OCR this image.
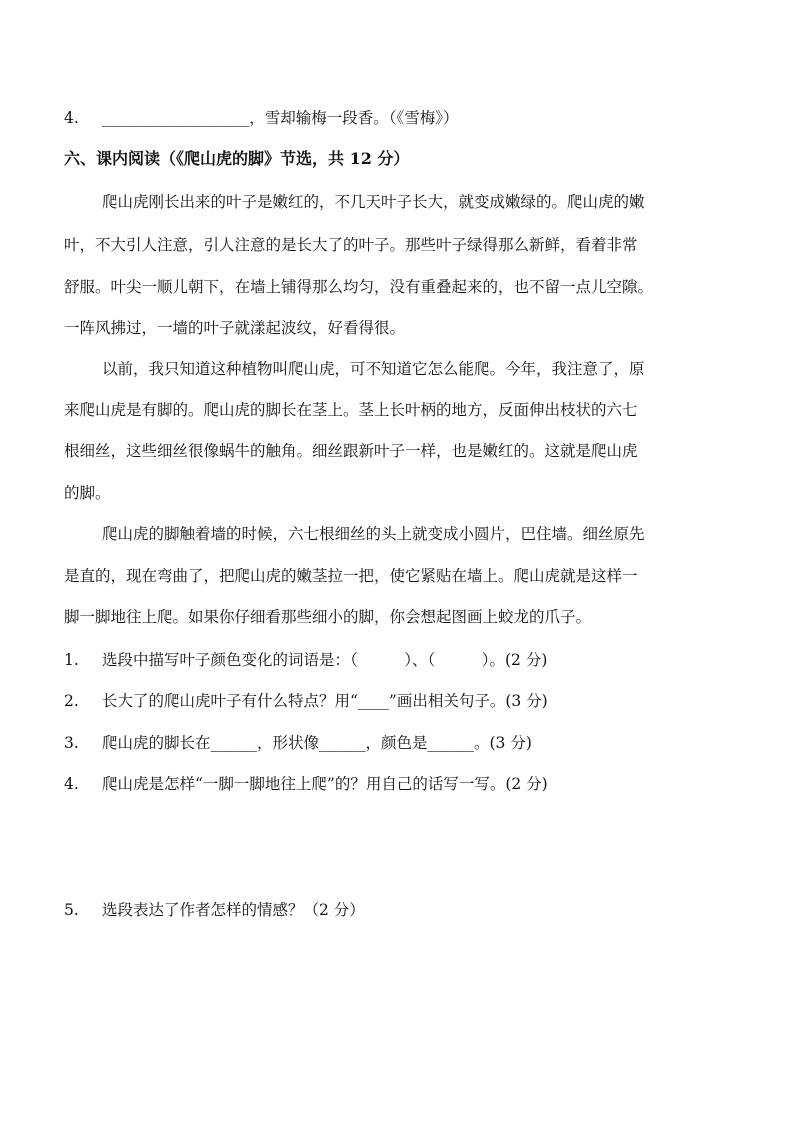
4. ___________________，雪却输梅一段香。（《雪梅》）
六、课内阅读（《爬山虎的脚》节选，共 12 分）
爬山虎刚长出来的叶子是嫩红的，不几天叶子长大，就变成嫩绿的。爬山虎的嫩
叶，不大引人注意，引人注意的是长大了的叶子。那些叶子绿得那么新鲜，看着非常
舒服。叶尖一顺儿朝下，在墙上铺得那么均匀，没有重叠起来的，也不留一点儿空隙。
一阵风拂过，一墙的叶子就漾起波纹，好看得很。
以前，我只知道这种植物叫爬山虎，可不知道它怎么能爬。今年，我注意了，原
来爬山虎是有脚的。爬山虎的脚长在茎上。茎上长叶柄的地方，反面伸出枝状的六七
根细丝，这些细丝很像蜗牛的触角。细丝跟新叶子一样，也是嫩红的。这就是爬山虎
的脚。
爬山虎的脚触着墙的时候，六七根细丝的头上就变成小圆片，巴住墙。细丝原先
是直的，现在弯曲了，把爬山虎的嫩茎拉一把，使它紧贴在墙上。爬山虎就是这样一
脚一脚地往上爬。如果你仔细看那些细小的脚，你会想起图画上蛟龙的爪子。
1. 选段中描写叶子颜色变化的词语是：（　　　）、（　　　）。(2 分)
2. 长大了的爬山虎叶子有什么特点？用“____”画出相关句子。(3 分)
3. 爬山虎的脚长在______，形状像______，颜色是______。(3 分)
4. 爬山虎是怎样“一脚一脚地往上爬”的？用自己的话写一写。(2 分)
5. 选段表达了作者怎样的情感？（2 分）
